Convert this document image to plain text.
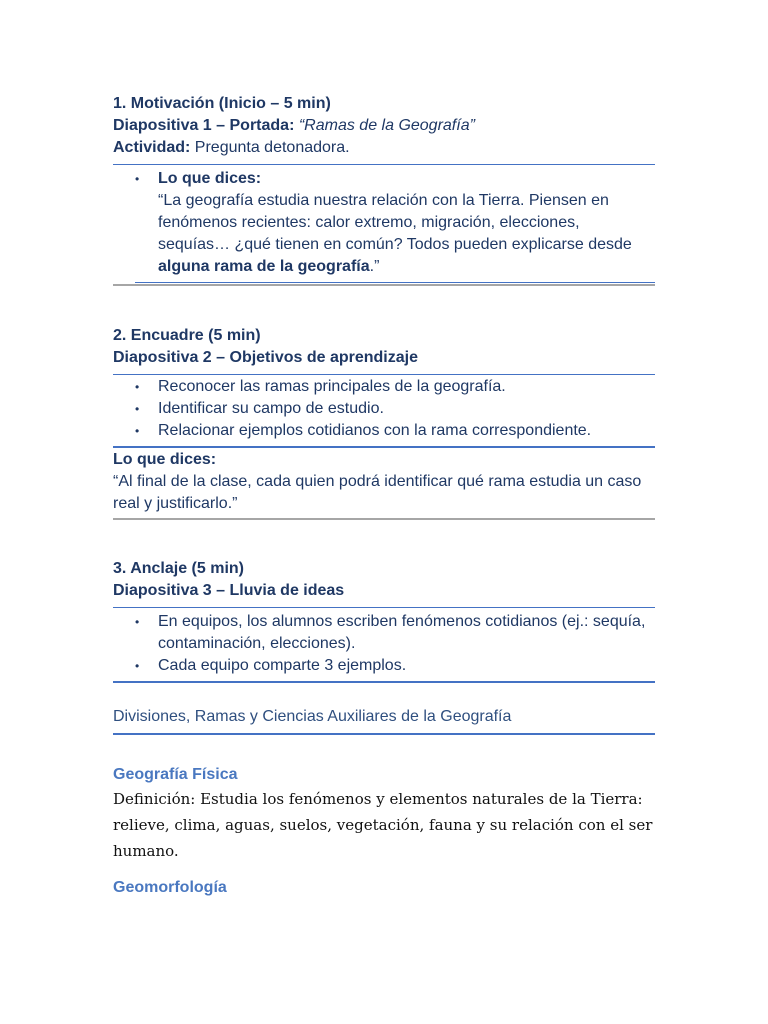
1. Motivación (Inicio – 5 min)
Diapositiva 1 – Portada: “Ramas de la Geografía”
Actividad: Pregunta detonadora.
• Lo que dices:
“La geografía estudia nuestra relación con la Tierra. Piensen en fenómenos recientes: calor extremo, migración, elecciones, sequías… ¿qué tienen en común? Todos pueden explicarse desde alguna rama de la geografía.”
2. Encuadre (5 min)
Diapositiva 2 – Objetivos de aprendizaje
• Reconocer las ramas principales de la geografía.
• Identificar su campo de estudio.
• Relacionar ejemplos cotidianos con la rama correspondiente.
Lo que dices:
“Al final de la clase, cada quien podrá identificar qué rama estudia un caso real y justificarlo.”
3. Anclaje (5 min)
Diapositiva 3 – Lluvia de ideas
• En equipos, los alumnos escriben fenómenos cotidianos (ej.: sequía, contaminación, elecciones).
• Cada equipo comparte 3 ejemplos.
Divisiones, Ramas y Ciencias Auxiliares de la Geografía
Geografía Física
Definición: Estudia los fenómenos y elementos naturales de la Tierra: relieve, clima, aguas, suelos, vegetación, fauna y su relación con el ser humano.
Geomorfología
